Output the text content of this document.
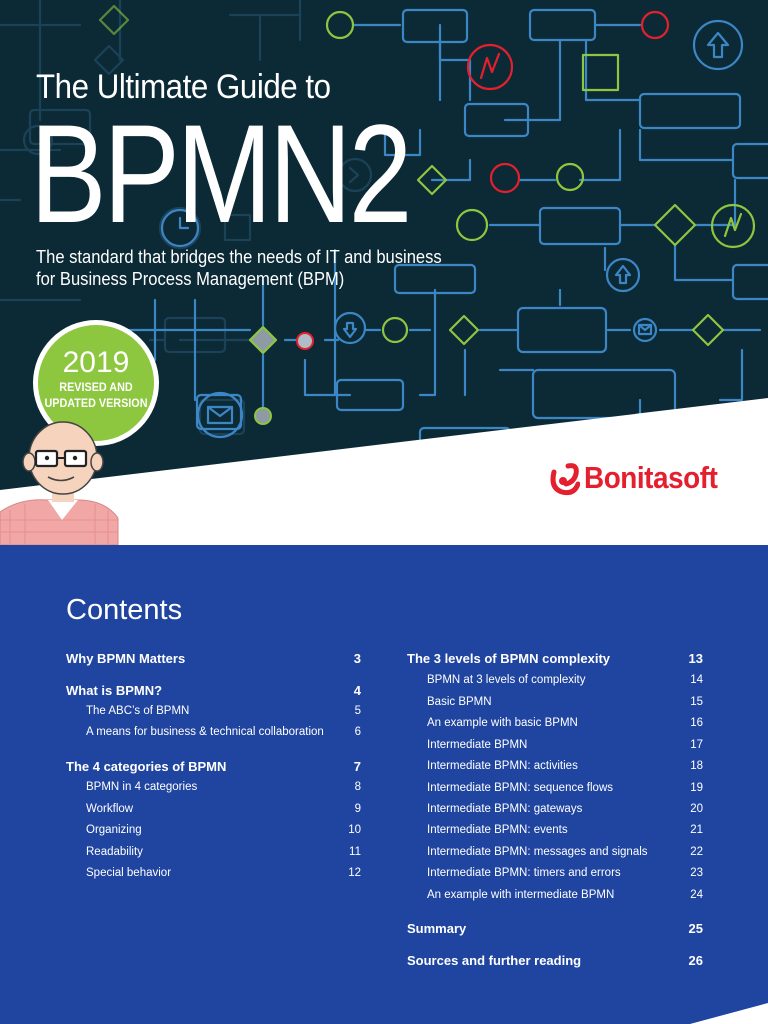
The Ultimate Guide to
BPMN2
The standard that bridges the needs of IT and business
for Business Process Management (BPM)
2019
REVISED AND
UPDATED VERSION
Bonitasoft
Contents
Why BPMN Matters	3
What is BPMN?	4
The ABC’s of BPMN	5
A means for business & technical collaboration	6
The 4 categories of BPMN	7
BPMN in 4 categories	8
Workflow	9
Organizing	10
Readability	11
Special behavior	12
The 3 levels of BPMN complexity	13
BPMN at 3 levels of complexity	14
Basic BPMN	15
An example with basic BPMN	16
Intermediate BPMN	17
Intermediate BPMN: activities	18
Intermediate BPMN: sequence flows	19
Intermediate BPMN: gateways	20
Intermediate BPMN: events	21
Intermediate BPMN: messages and signals	22
Intermediate BPMN: timers and errors	23
An example with intermediate BPMN	24
Summary	25
Sources and further reading	26
